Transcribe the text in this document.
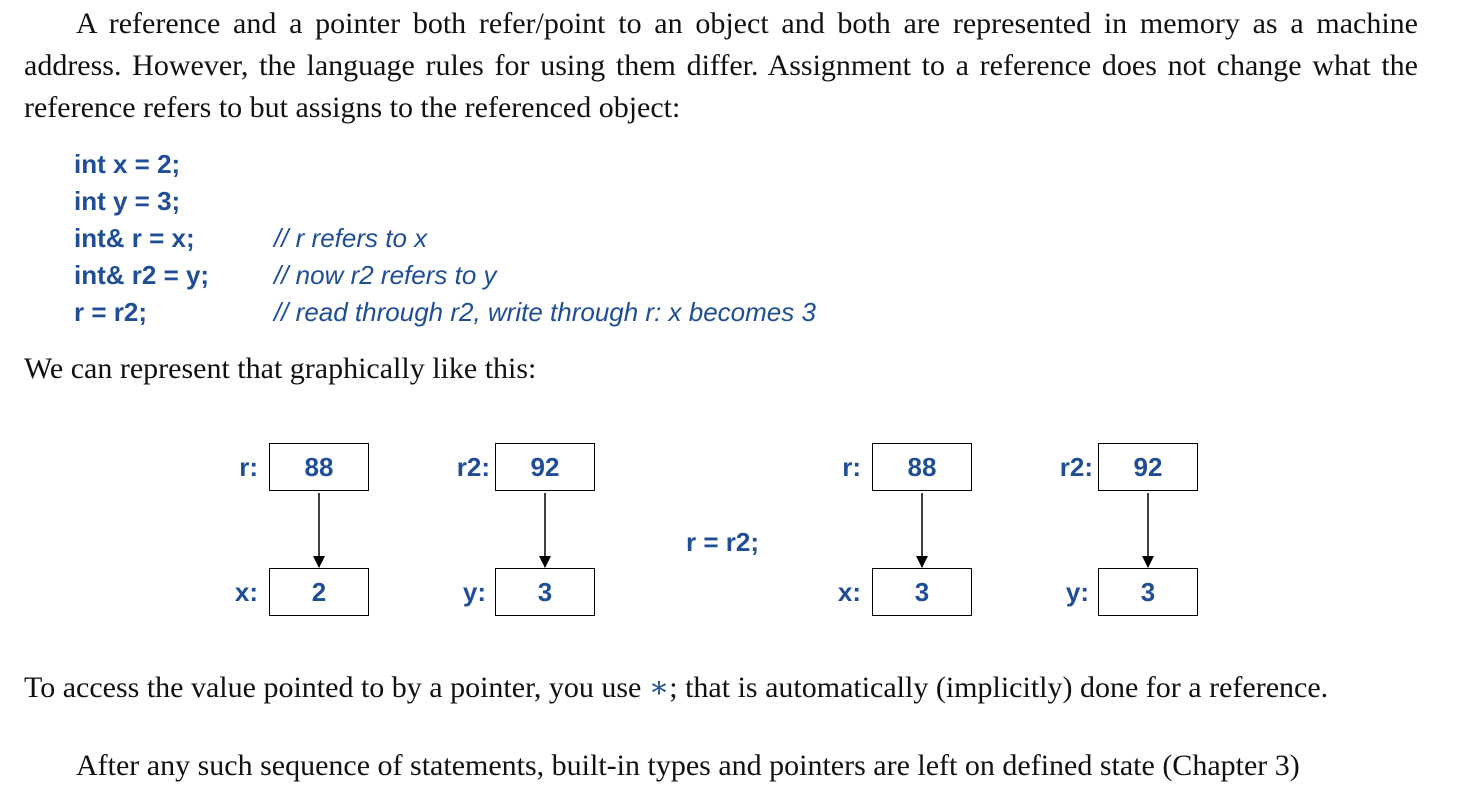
A reference and a pointer both refer/point to an object and both are represented in memory as a machine address. However, the language rules for using them differ. Assignment to a reference does not change what the reference refers to but assigns to the referenced object:
int x = 2;
int y = 3;
int& r = x;	// r refers to x
int& r2 = y; // now r2 refers to y
r = r2;	// read through r2, write through r: x becomes 3
We can represent that graphically like this:
r:	88	r2:	92
x:	2	y:	3
r = r2;
r:	88	r2:	92
x:	3	y:	3
To access the value pointed to by a pointer, you use ∗; that is automatically (implicitly) done for a reference.
After any such sequence of statements, built-in types and pointers are left on defined state (Chapter 3)
